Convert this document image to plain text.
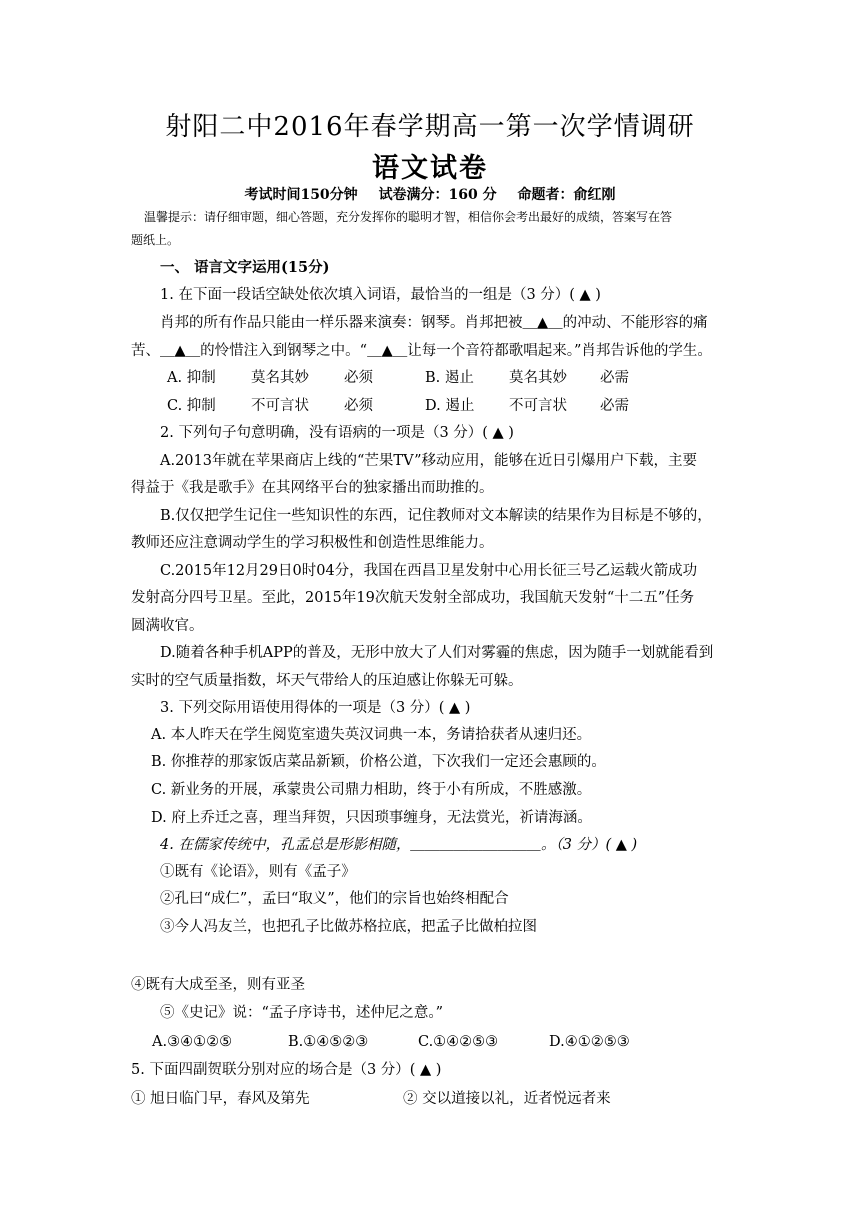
射阳二中2016年春学期高一第一次学情调研
语文试卷
考试时间150分钟 试卷满分：160 分 命题者：俞红刚
温馨提示：请仔细审题，细心答题，充分发挥你的聪明才智，相信你会考出最好的成绩，答案写在答
题纸上。
一、 语言文字运用(15分)
1. 在下面一段话空缺处依次填入词语，最恰当的一组是（3 分）( ▲ )
肖邦的所有作品只能由一样乐器来演奏：钢琴。肖邦把被＿▲＿的冲动、不能形容的痛
苦、＿▲＿的怜惜注入到钢琴之中。“＿▲＿让每一个音符都歌唱起来。”肖邦告诉他的学生。
A. 抑制 莫名其妙 必须	B. 遏止 莫名其妙 必需
C. 抑制 不可言状 必须	D. 遏止 不可言状 必需
2. 下列句子句意明确，没有语病的一项是（3 分）( ▲ )
A.2013年就在苹果商店上线的“芒果TV”移动应用，能够在近日引爆用户下载，主要
得益于《我是歌手》在其网络平台的独家播出而助推的。
B.仅仅把学生记住一些知识性的东西，记住教师对文本解读的结果作为目标是不够的，
教师还应注意调动学生的学习积极性和创造性思维能力。
C.2015年12月29日0时04分，我国在西昌卫星发射中心用长征三号乙运载火箭成功
发射高分四号卫星。至此，2015年19次航天发射全部成功，我国航天发射“十二五”任务
圆满收官。
D.随着各种手机APP的普及，无形中放大了人们对雾霾的焦虑，因为随手一划就能看到
实时的空气质量指数，坏天气带给人的压迫感让你躲无可躲。
3. 下列交际用语使用得体的一项是（3 分）( ▲ )
A. 本人昨天在学生阅览室遗失英汉词典一本，务请拾获者从速归还。
B. 你推荐的那家饭店菜品新颖，价格公道，下次我们一定还会惠顾的。
C. 新业务的开展，承蒙贵公司鼎力相助，终于小有所成，不胜感激。
D. 府上乔迁之喜，理当拜贺，只因琐事缠身，无法赏光，祈请海涵。
4. 在儒家传统中，孔孟总是形影相随，＿＿＿＿＿＿＿＿＿。（3 分）( ▲ )
①既有《论语》，则有《孟子》
②孔曰“成仁”，孟曰“取义”，他们的宗旨也始终相配合
③今人冯友兰，也把孔子比做苏格拉底，把孟子比做柏拉图
④既有大成至圣，则有亚圣
⑤《史记》说：“孟子序诗书，述仲尼之意。”
A.③④①②⑤	B.①④⑤②③	C.①④②⑤③	D.④①②⑤③
5. 下面四副贺联分别对应的场合是（3 分）( ▲ )
① 旭日临门早，春风及第先	② 交以道接以礼，近者悦远者来
